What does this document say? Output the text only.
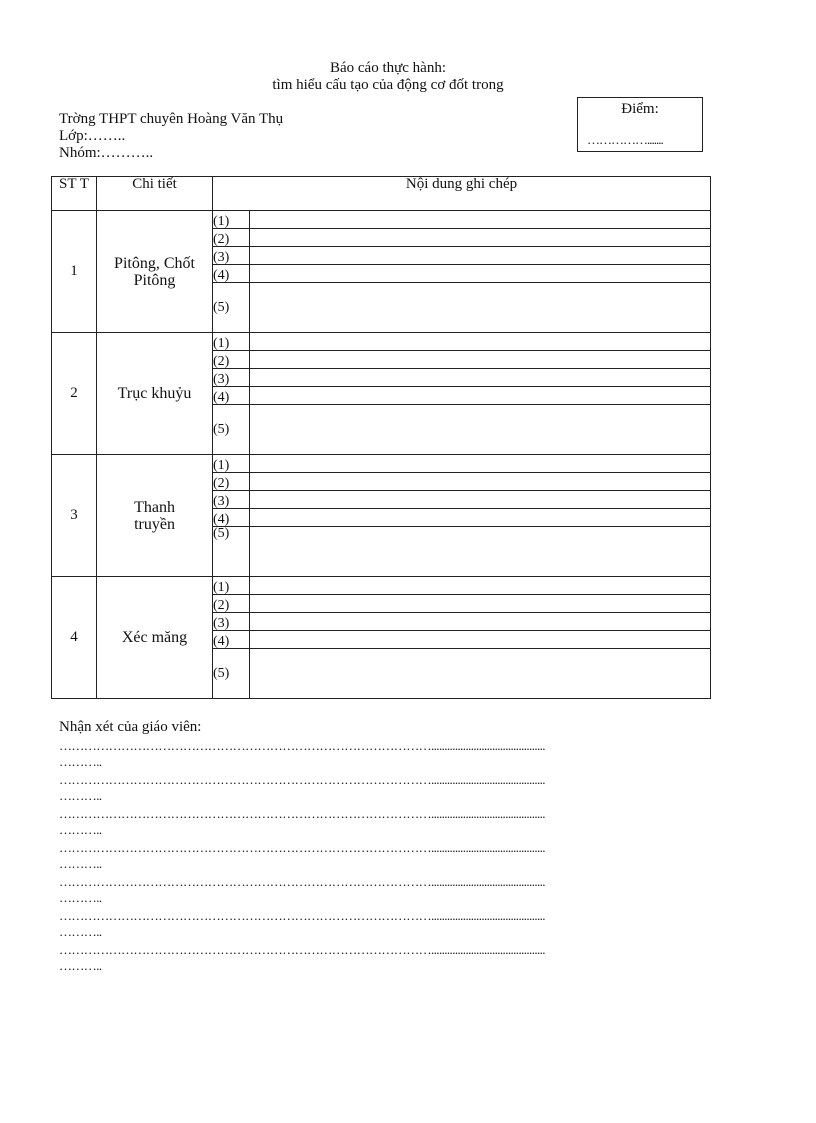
Báo cáo thực hành:
tìm hiểu cấu tạo của động cơ đốt trong
Trờng THPT chuyên Hoàng Văn Thụ
Lớp:……..
Nhóm:………..
Điểm:
…………….......
ST T	Chi tiết	Nội dung ghi chép	
1	Pitông, Chốt Pitông	(1)	
		(2)	
		(3)	
		(4)	
		(5)	
2	Trục khuỷu	(1)	
		(2)	
		(3)	
		(4)	
		(5)	
3	Thanh truyền	(1)	
		(2)	
		(3)	
		(4)	
		(5)	
4	Xéc măng	(1)	
		(2)	
		(3)	
		(4)	
		(5)	
Nhận xét của giáo viên:
………………………………………………………………………………...........................................
………..
………………………………………………………………………………...........................................
………..
………………………………………………………………………………...........................................
………..
………………………………………………………………………………...........................................
………..
………………………………………………………………………………...........................................
………..
………………………………………………………………………………...........................................
………..
………………………………………………………………………………...........................................
………..
